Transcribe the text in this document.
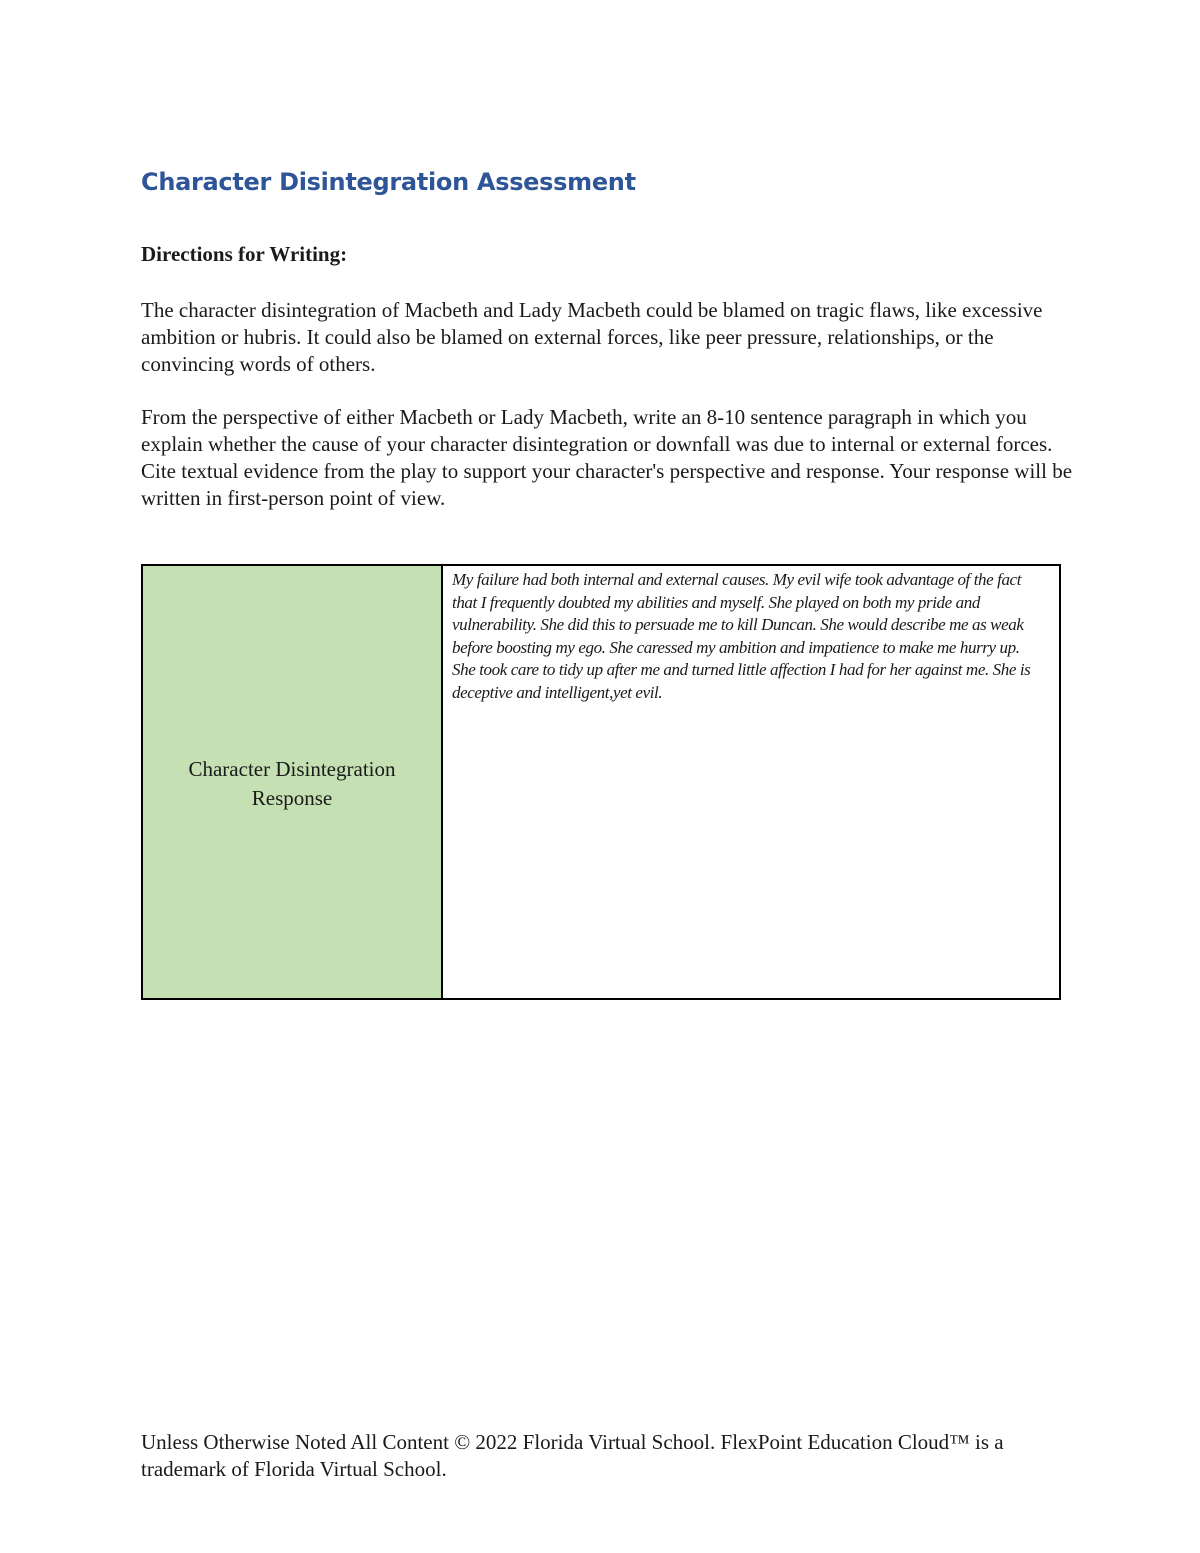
Character Disintegration Assessment
Directions for Writing:

The character disintegration of Macbeth and Lady Macbeth could be blamed on tragic flaws, like excessive ambition or hubris. It could also be blamed on external forces, like peer pressure, relationships, or the convincing words of others.

From the perspective of either Macbeth or Lady Macbeth, write an 8-10 sentence paragraph in which you explain whether the cause of your character disintegration or downfall was due to internal or external forces. Cite textual evidence from the play to support your character's perspective and response. Your response will be written in first-person point of view.

Character Disintegration Response

My failure had both internal and external causes. My evil wife took advantage of the fact that I frequently doubted my abilities and myself. She played on both my pride and vulnerability. She did this to persuade me to kill Duncan. She would describe me as weak before boosting my ego. She caressed my ambition and impatience to make me hurry up. She took care to tidy up after me and turned little affection I had for her against me. She is deceptive and intelligent,yet evil.

Unless Otherwise Noted All Content © 2022 Florida Virtual School. FlexPoint Education Cloud™ is a trademark of Florida Virtual School.
